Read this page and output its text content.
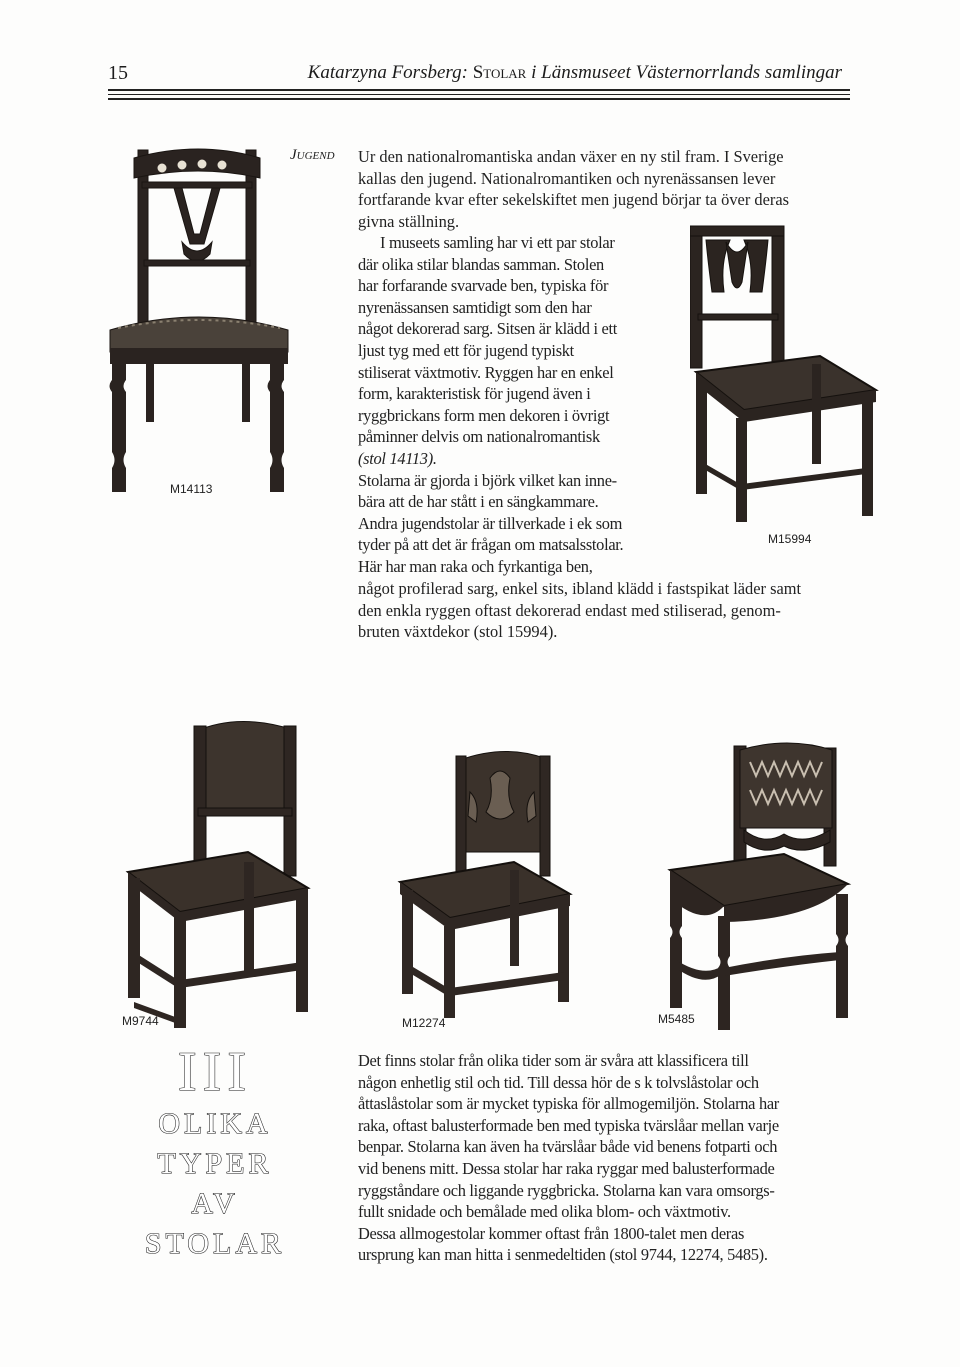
15	Katarzyna Forsberg: Stolar i Länsmuseet Västernorrlands samlingar
Jugend Ur den nationalromantiska andan växer en ny stil fram. I Sverige

kallas den jugend. Nationalromantiken och nyrenässansen lever

fortfarande kvar efter sekelskiftet men jugend börjar ta över deras

givna ställning.

I museets samling har vi ett par stolar

där olika stilar blandas samman. Stolen

har forfarande svarvade ben, typiska för

nyrenässansen samtidigt som den har

något dekorerad sarg. Sitsen är klädd i ett

ljust tyg med ett för jugend typiskt

stiliserat växtmotiv. Ryggen har en enkel

form, karakteristisk för jugend även i

ryggbrickans form men dekoren i övrigt

påminner delvis om nationalromantisk

(stol 14113).

Stolarna är gjorda i björk vilket kan inne-

bära att de har stått i en sängkammare.

Andra jugendstolar är tillverkade i ek som

tyder på att det är frågan om matsalsstolar.

Här har man raka och fyrkantiga ben,

något profilerad sarg, enkel sits, ibland klädd i fastspikat läder samt

den enkla ryggen oftast dekorerad endast med stiliserad, genom-

bruten växtdekor (stol 15994).

M14113
M15994
M9744	M12274	M5485
III
OLIKA
TYPER
AV
STOLAR

Det finns stolar från olika tider som är svåra att klassificera till

någon enhetlig stil och tid. Till dessa hör de s k tolvslåstolar och

åttaslåstolar som är mycket typiska för allmogemiljön. Stolarna har

raka, oftast balusterformade ben med typiska tvärslåar mellan varje

benpar. Stolarna kan även ha tvärslåar både vid benens fotparti och

vid benens mitt. Dessa stolar har raka ryggar med balusterformade

ryggståndare och liggande ryggbricka. Stolarna kan vara omsorgs-

fullt snidade och bemålade med olika blom- och växtmotiv.

Dessa allmogestolar kommer oftast från 1800-talet men deras

ursprung kan man hitta i senmedeltiden (stol 9744, 12274, 5485).
